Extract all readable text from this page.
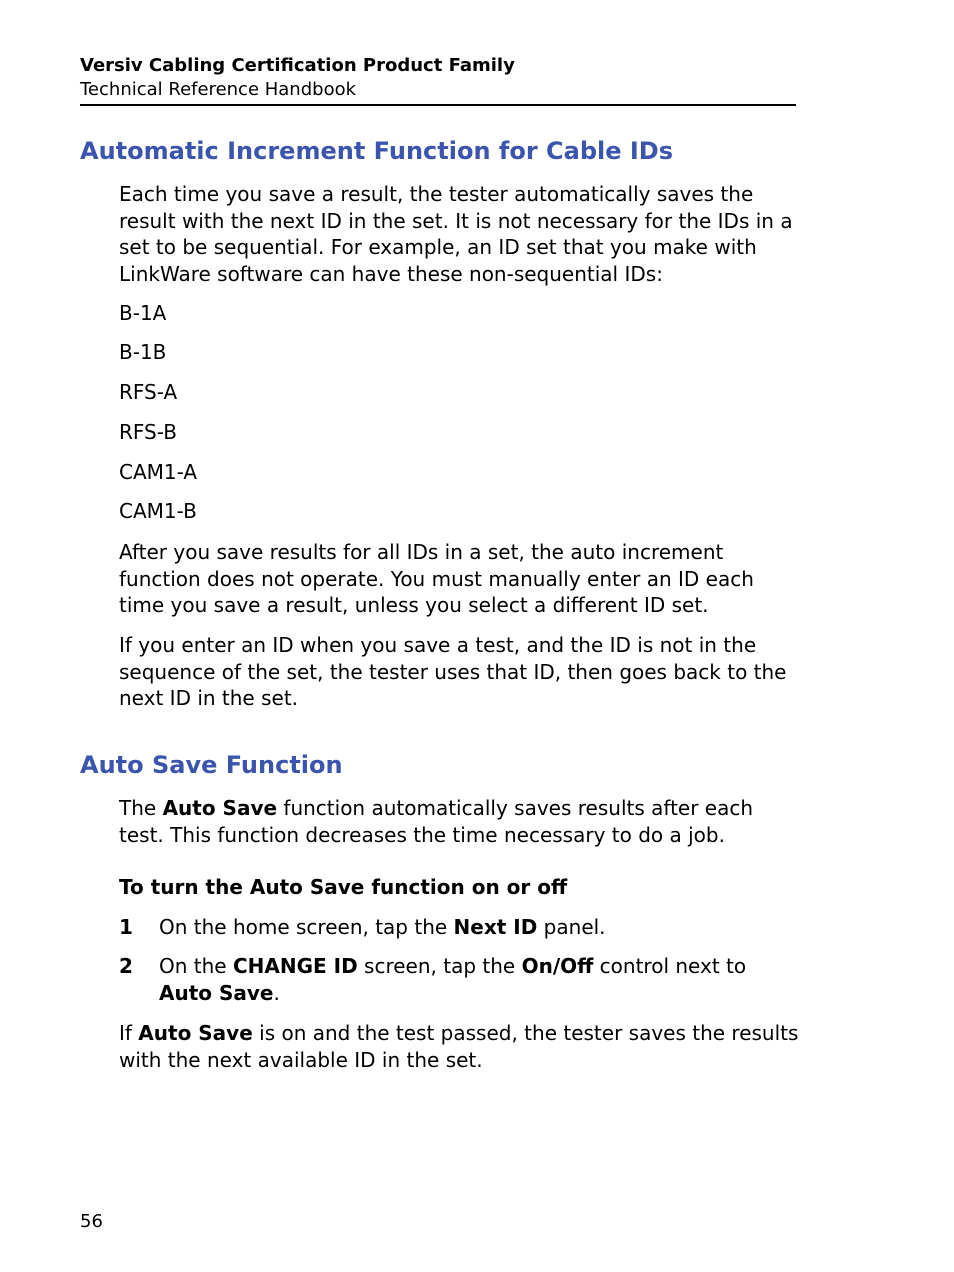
Versiv Cabling Certification Product Family
Technical Reference Handbook
Automatic Increment Function for Cable IDs
Each time you save a result, the tester automatically saves the result with the next ID in the set. It is not necessary for the IDs in a set to be sequential. For example, an ID set that you make with LinkWare software can have these non-sequential IDs:
B-1A
B-1B
RFS-A
RFS-B
CAM1-A
CAM1-B
After you save results for all IDs in a set, the auto increment function does not operate. You must manually enter an ID each time you save a result, unless you select a different ID set.
If you enter an ID when you save a test, and the ID is not in the sequence of the set, the tester uses that ID, then goes back to the next ID in the set.
Auto Save Function
The Auto Save function automatically saves results after each test. This function decreases the time necessary to do a job.
To turn the Auto Save function on or off
1 On the home screen, tap the Next ID panel.
2 On the CHANGE ID screen, tap the On/Off control next to Auto Save.
If Auto Save is on and the test passed, the tester saves the results with the next available ID in the set.
56
